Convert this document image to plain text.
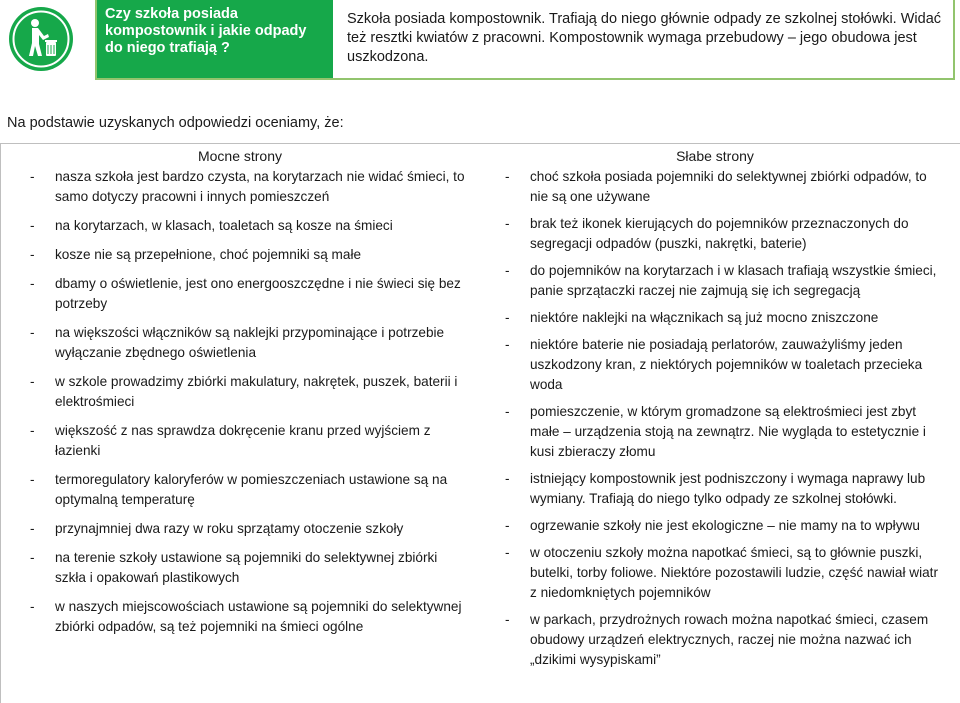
Czy szkoła posiada kompostownik i jakie odpady do niego trafiają ?
Szkoła posiada kompostownik. Trafiają do niego głównie odpady ze szkolnej stołówki. Widać też resztki kwiatów z pracowni. Kompostownik wymaga przebudowy – jego obudowa jest uszkodzona.
Na podstawie uzyskanych odpowiedzi oceniamy, że:
Mocne strony
- nasza szkoła jest bardzo czysta, na korytarzach nie widać śmieci, to samo dotyczy pracowni i innych pomieszczeń
- na korytarzach, w klasach, toaletach są kosze na śmieci
- kosze nie są przepełnione, choć pojemniki są małe
- dbamy o oświetlenie, jest ono energooszczędne i nie świeci się bez potrzeby
- na większości włączników są naklejki przypominające i potrzebie wyłączanie zbędnego oświetlenia
- w szkole prowadzimy zbiórki makulatury, nakrętek, puszek, baterii i elektrośmieci
- większość z nas sprawdza dokręcenie kranu przed wyjściem z łazienki
- termoregulatory kaloryferów w pomieszczeniach ustawione są na optymalną temperaturę
- przynajmniej dwa razy w roku sprzątamy otoczenie szkoły
- na terenie szkoły ustawione są pojemniki do selektywnej zbiórki szkła i opakowań plastikowych
- w naszych miejscowościach ustawione są pojemniki do selektywnej zbiórki odpadów, są też pojemniki na śmieci ogólne
Słabe strony
- choć szkoła posiada pojemniki do selektywnej zbiórki odpadów, to nie są one używane
- brak też ikonek kierujących do pojemników przeznaczonych do segregacji odpadów (puszki, nakrętki, baterie)
- do pojemników na korytarzach i w klasach trafiają wszystkie śmieci, panie sprzątaczki raczej nie zajmują się ich segregacją
- niektóre naklejki na włącznikach są już mocno zniszczone
- niektóre baterie nie posiadają perlatorów, zauważyliśmy jeden uszkodzony kran, z niektórych pojemników w toaletach przecieka woda
- pomieszczenie, w którym gromadzone są elektrośmieci jest zbyt małe – urządzenia stoją na zewnątrz. Nie wygląda to estetycznie i kusi zbieraczy złomu
- istniejący kompostownik jest podniszczony i wymaga naprawy lub wymiany. Trafiają do niego tylko odpady ze szkolnej stołówki.
- ogrzewanie szkoły nie jest ekologiczne – nie mamy na to wpływu
- w otoczeniu szkoły można napotkać śmieci, są to głównie puszki, butelki, torby foliowe. Niektóre pozostawili ludzie, część nawiał wiatr z niedomkniętych pojemników
- w parkach, przydrożnych rowach można napotkać śmieci, czasem obudowy urządzeń elektrycznych, raczej nie można nazwać ich „dzikimi wysypiskami”
